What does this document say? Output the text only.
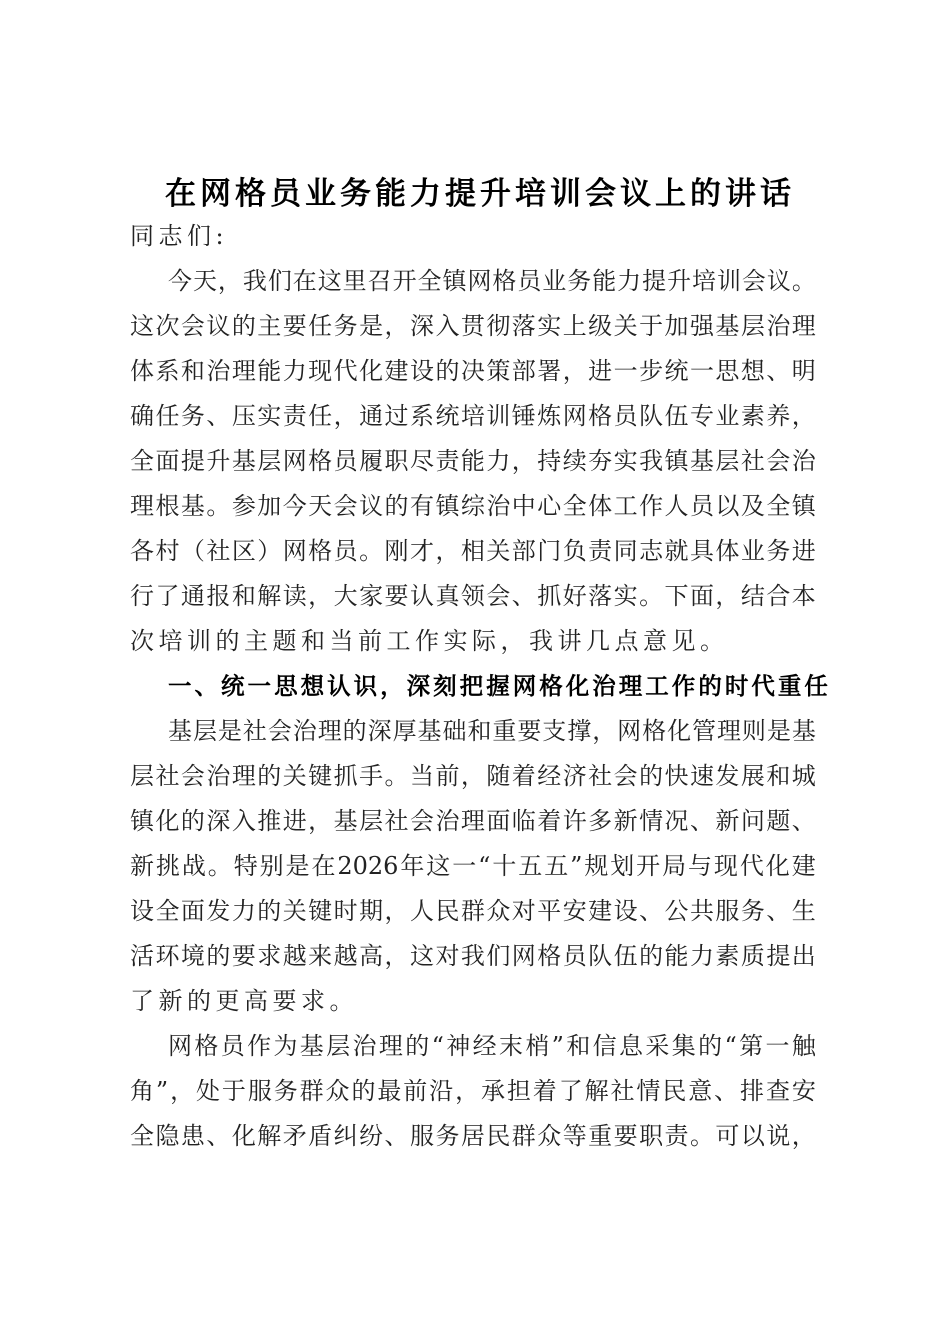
在 网 格 员 业 务 能 力 提 升 培 训 会 议 上 的 讲 话
同志们:
今 天 ， 我 们 在 这 里 召 开 全 镇 网 格 员 业 务 能 力 提 升 培 训 会 议 。
这 次 会 议 的 主 要 任 务 是 ， 深 入 贯 彻 落 实 上 级 关 于 加 强 基 层 治 理
体 系 和 治 理 能 力 现 代 化 建 设 的 决 策 部 署 ， 进 一 步 统 一 思 想 、 明
确 任 务 、 压 实 责 任 ， 通 过 系 统 培 训 锤 炼 网 格 员 队 伍 专 业 素 养 ，
全 面 提 升 基 层 网 格 员 履 职 尽 责 能 力 ， 持 续 夯 实 我 镇 基 层 社 会 治
理 根 基 。 参 加 今 天 会 议 的 有 镇 综 治 中 心 全 体 工 作 人 员 以 及 全 镇
各 村 （ 社 区 ） 网 格 员 。 刚 才 ， 相 关 部 门 负 责 同 志 就 具 体 业 务 进
行 了 通 报 和 解 读 ， 大 家 要 认 真 领 会 、 抓 好 落 实 。 下 面 ， 结 合 本
次培训的主题和当前工作实际，我讲几点意见。
一 、 统 一 思 想 认 识 ， 深 刻 把 握 网 格 化 治 理 工 作 的 时 代 重 任
基 层 是 社 会 治 理 的 深 厚 基 础 和 重 要 支 撑 ， 网 格 化 管 理 则 是 基
层 社 会 治 理 的 关 键 抓 手 。 当 前 ， 随 着 经 济 社 会 的 快 速 发 展 和 城
镇 化 的 深 入 推 进 ， 基 层 社 会 治 理 面 临 着 许 多 新 情 况 、 新 问 题 、
新 挑 战 。 特 别 是 在 2026 年 这 一 “ 十 五 五 ” 规 划 开 局 与 现 代 化 建
设 全 面 发 力 的 关 键 时 期 ， 人 民 群 众 对 平 安 建 设 、 公 共 服 务 、 生
活 环 境 的 要 求 越 来 越 高 ， 这 对 我 们 网 格 员 队 伍 的 能 力 素 质 提 出
了新的更高要求。
网 格 员 作 为 基 层 治 理 的 “ 神 经 末 梢 ” 和 信 息 采 集 的 “ 第 一 触
角 ” ， 处 于 服 务 群 众 的 最 前 沿 ， 承 担 着 了 解 社 情 民 意 、 排 查 安
全 隐 患 、 化 解 矛 盾 纠 纷 、 服 务 居 民 群 众 等 重 要 职 责 。 可 以 说 ，
